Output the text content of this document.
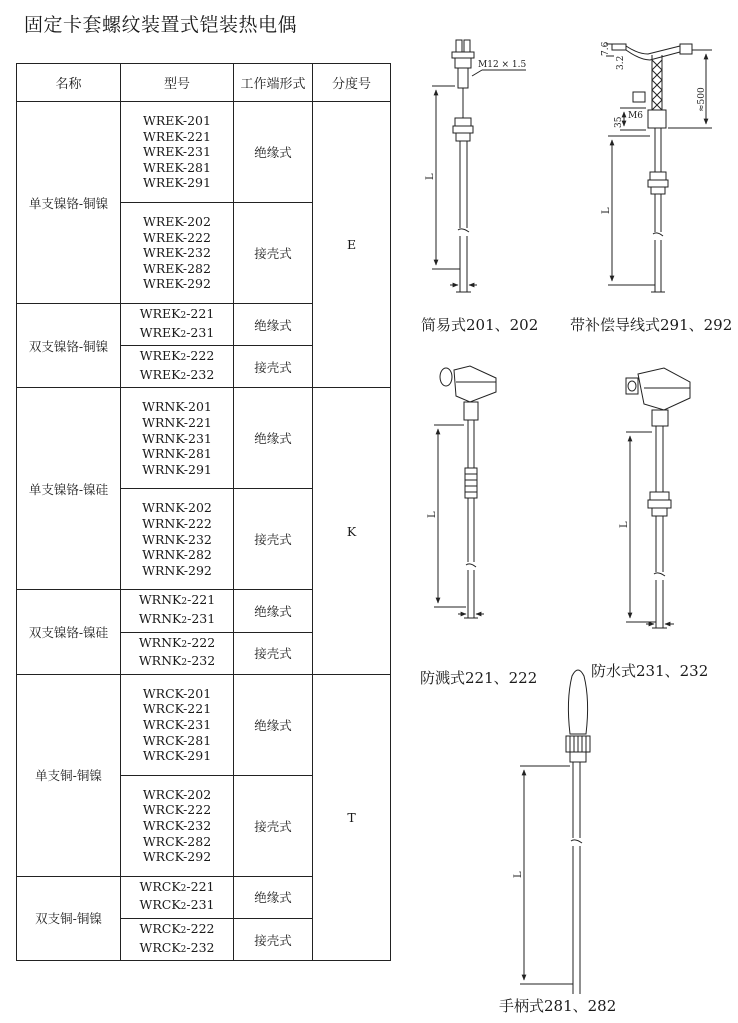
固定卡套螺纹装置式铠装热电偶
名称	型号	工作端形式	分度号
单支镍铬-铜镍	WREK-201
WREK-221
WREK-231
WREK-281
WREK-291	绝缘式	E

	WREK-202
WREK-222
WREK-232
WREK-282
WREK-292	接壳式	
双支镍铬-铜镍	WREK2-221
WREK2-231	绝缘式	

	WREK2-222
WREK2-232	接壳式	
单支镍铬-镍硅	WRNK-201
WRNK-221
WRNK-231
WRNK-281
WRNK-291	绝缘式	K

	WRNK-202
WRNK-222
WRNK-232
WRNK-282
WRNK-292	接壳式	
双支镍铬-镍硅	WRNK2-221
WRNK2-231	绝缘式	

	WRNK2-222
WRNK2-232	接壳式	
单支铜-铜镍	WRCK-201
WRCK-221
WRCK-231
WRCK-281
WRCK-291	绝缘式	T

	WRCK-202
WRCK-222
WRCK-232
WRCK-282
WRCK-292	接壳式	
双支铜-铜镍	WRCK2-221
WRCK2-231	绝缘式	

	WRCK2-222
WRCK2-232	接壳式	
M12 × 1.5
L
7.6
3.2
≈500
35
M6
L
L
L
L
简易式201、202 带补偿导线式291、292
防溅式221、222	防水式231、232
手柄式281、282
